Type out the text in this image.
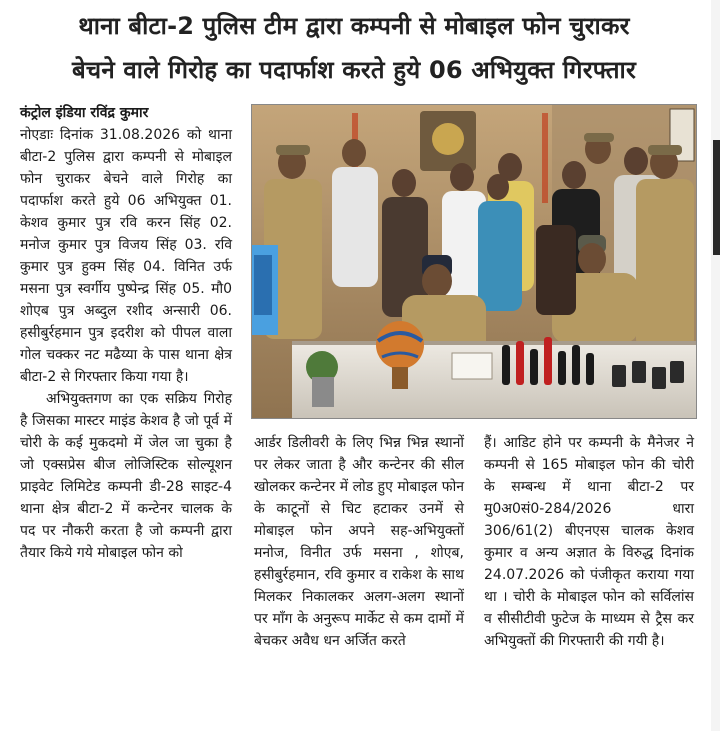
थाना बीटा-2 पुलिस टीम द्वारा कम्पनी से मोबाइल फोन चुराकर
बेचने वाले गिरोह का पदार्फाश करते हुये 06 अभियुक्त गिरफ्तार

कंट्रोल इंडिया रविंद्र कुमार

नोएडाः दिनांक 31.08.2026 को थाना बीटा-2 पुलिस द्वारा कम्पनी से मोबाइल फोन चुराकर बेचने वाले गिरोह का पदार्फाश करते हुये 06 अभियुक्त 01. केशव कुमार पुत्र रवि करन सिंह 02. मनोज कुमार पुत्र विजय सिंह 03. रवि कुमार पुत्र हुक्म सिंह 04. विनित उर्फ मसना पुत्र स्वर्गीय पुष्पेन्द्र सिंह 05. मौ0 शोएब पुत्र अब्दुल रशीद अन्सारी 06. हसीबुर्रहमान पुत्र इदरीश को पीपल वाला गोल चक्कर नट मढैय्या के पास थाना क्षेत्र बीटा-2 से गिरफ्तार किया गया है।

अभियुक्तगण का एक सक्रिय गिरोह है जिसका मास्टर माइंड केशव है जो पूर्व में चोरी के कई मुकदमो में जेल जा चुका है जो एक्सप्रेस बीज लोजिस्टिक सोल्यूशन प्राइवेट लिमिटेड कम्पनी डी-28 साइट-4 थाना क्षेत्र बीटा-2 में कन्टेनर चालक के पद पर नौकरी करता है जो कम्पनी द्वारा तैयार किये गये मोबाइल फोन को

आर्डर डिलीवरी के लिए भिन्न भिन्न स्थानों पर लेकर जाता है और कन्टेनर की सील खोलकर कन्टेनर में लोड हुए मोबाइल फोन के काटूनों से चिट हटाकर उनमें से मोबाइल फोन अपने सह-अभियुक्तों मनोज, विनीत उर्फ मसना , शोएब, हसीबुर्रहमान, रवि कुमार व राकेश के साथ मिलकर निकालकर अलग-अलग स्थानों पर माँग के अनुरूप मार्केट से कम दामों में बेचकर अवैध धन अर्जित करते

हैं। आडिट होने पर कम्पनी के मैनेजर ने कम्पनी से 165 मोबाइल फोन की चोरी के सम्बन्ध में थाना बीटा-2 पर मु0अ0सं0-284/2026 धारा 306/61(2) बीएनएस चालक केशव कुमार व अन्य अज्ञात के विरुद्ध दिनांक 24.07.2026 को पंजीकृत कराया गया था । चोरी के मोबाइल फोन को सर्विलांस व सीसीटीवी फुटेज के माध्यम से ट्रैस कर अभियुक्तों की गिरफ्तारी की गयी है।
